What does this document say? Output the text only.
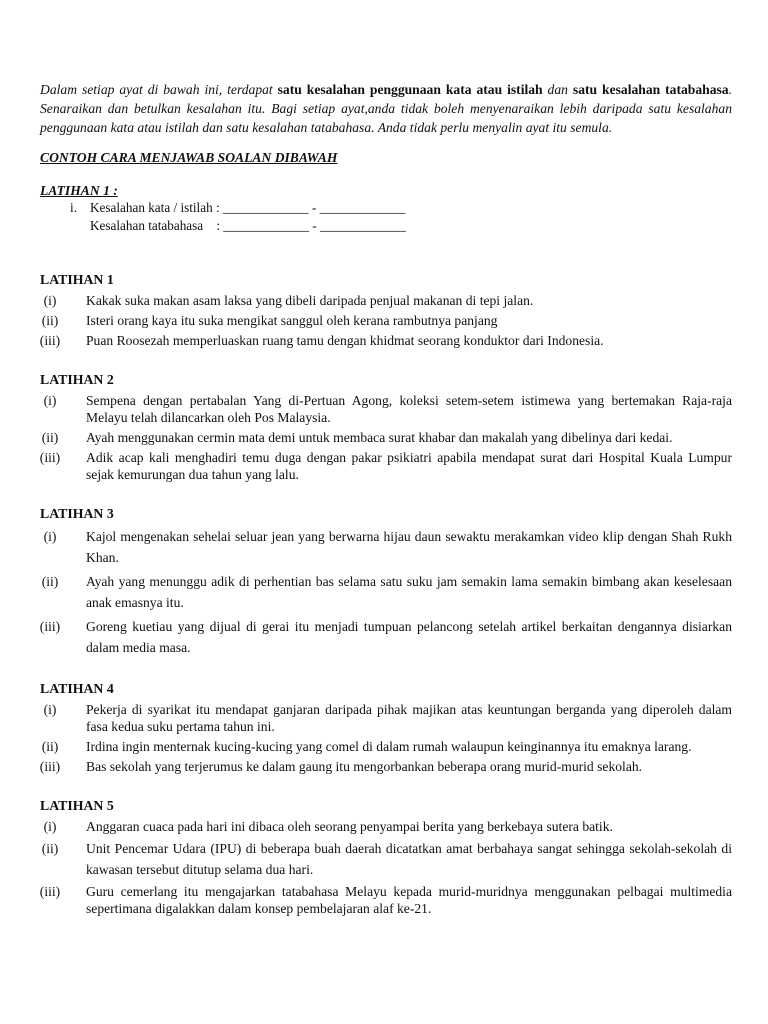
Dalam setiap ayat di bawah ini, terdapat satu kesalahan penggunaan kata atau istilah dan satu kesalahan tatabahasa. Senaraikan dan betulkan kesalahan itu. Bagi setiap ayat,anda tidak boleh menyenaraikan lebih daripada satu kesalahan penggunaan kata atau istilah dan satu kesalahan tatabahasa. Anda tidak perlu menyalin ayat itu semula.

CONTOH CARA MENJAWAB SOALAN DIBAWAH
LATIHAN 1 :
i. Kesalahan kata / istilah : _____________ - _____________
Kesalahan tatabahasa    : _____________ - _____________
LATIHAN 1
(i)	Kakak suka makan asam laksa yang dibeli daripada penjual makanan di tepi jalan.
(ii)	Isteri orang kaya itu suka mengikat sanggul oleh kerana rambutnya panjang
(iii)	Puan Roosezah memperluaskan ruang tamu dengan khidmat seorang konduktor dari Indonesia.
LATIHAN 2
(i)	Sempena dengan pertabalan Yang di-Pertuan Agong, koleksi setem-setem istimewa yang bertemakan Raja-raja Melayu telah dilancarkan oleh Pos Malaysia.
(ii)	Ayah menggunakan cermin mata demi untuk membaca surat khabar dan makalah yang dibelinya dari kedai.
(iii)	Adik acap kali menghadiri temu duga dengan pakar psikiatri apabila mendapat surat dari Hospital Kuala Lumpur sejak kemurungan dua tahun yang lalu.
LATIHAN 3
(i)	Kajol mengenakan sehelai seluar jean yang berwarna hijau daun sewaktu merakamkan video klip dengan Shah Rukh Khan.
(ii)	Ayah yang menunggu adik di perhentian bas selama satu suku jam semakin lama semakin bimbang akan keselesaan anak emasnya itu.
(iii)	Goreng kuetiau yang dijual di gerai itu menjadi tumpuan pelancong setelah artikel berkaitan dengannya disiarkan dalam media masa.
LATIHAN 4
(i)	Pekerja di syarikat itu mendapat ganjaran daripada pihak majikan atas keuntungan berganda yang diperoleh dalam fasa kedua suku pertama tahun ini.
(ii)	Irdina ingin menternak kucing-kucing yang comel di dalam rumah walaupun keinginannya itu emaknya larang.
(iii)	Bas sekolah yang terjerumus ke dalam gaung itu mengorbankan beberapa orang murid-murid sekolah.
LATIHAN 5
(i)	Anggaran cuaca pada hari ini dibaca oleh seorang penyampai berita yang berkebaya sutera batik.
(ii)	Unit Pencemar Udara (IPU) di beberapa buah daerah dicatatkan amat berbahaya sangat sehingga sekolah-sekolah di kawasan tersebut ditutup selama dua hari.
(iii)	Guru cemerlang itu mengajarkan tatabahasa Melayu kepada murid-muridnya menggunakan pelbagai multimedia sepertimana digalakkan dalam konsep pembelajaran alaf ke-21.
